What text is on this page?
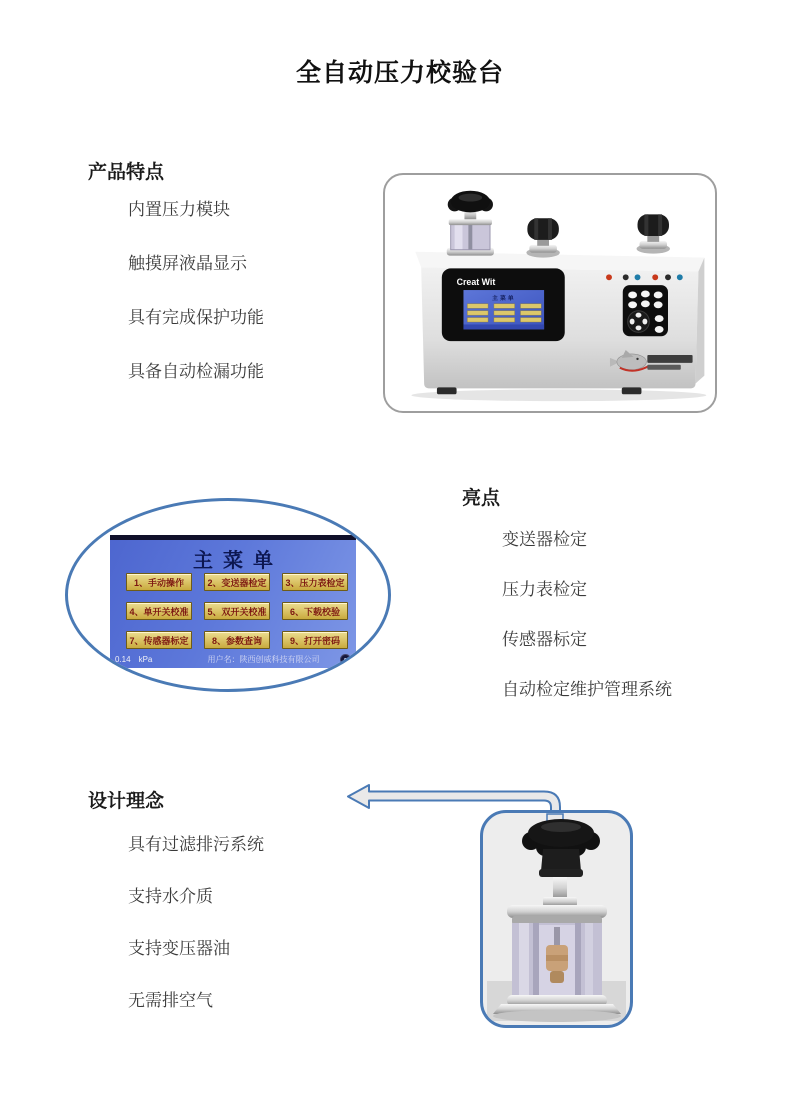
全自动压力校验台
产品特点
内置压力模块
触摸屏液晶显示
具有完成保护功能
具备自动检漏功能
Creat Wit
主菜单
亮点
变送器检定
压力表检定
传感器标定
自动检定维护管理系统
主菜单
1、手动操作	2、变送器检定	3、压力表检定
4、单开关校准	5、双开关校准	6、下载校验
7、传感器标定	8、参数查询	9、打开密码
0.14 kPa	用户名：陕西创威科技有限公司
设计理念
具有过滤排污系统
支持水介质
支持变压器油
无需排空气
